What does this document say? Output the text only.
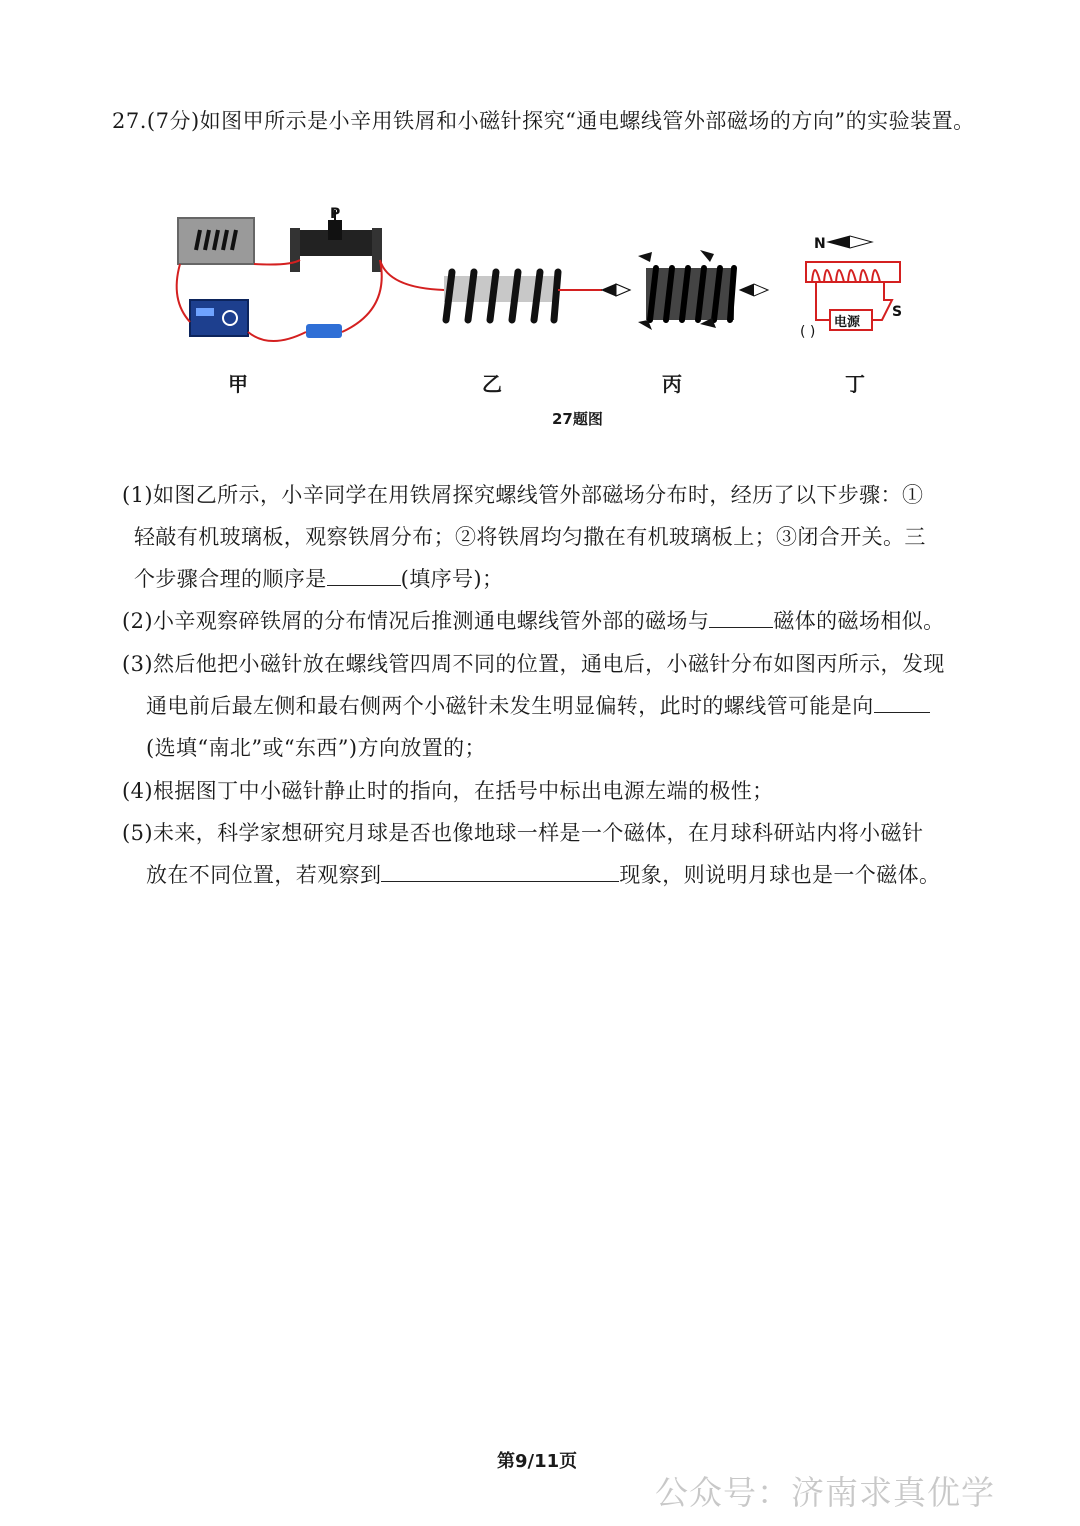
27.(7分)如图甲所示是小辛用铁屑和小磁针探究“通电螺线管外部磁场的方向”的实验装置。
P
N
电源
S
( )
甲	乙	丙	丁
27题图
(1)如图乙所示，小辛同学在用铁屑探究螺线管外部磁场分布时，经历了以下步骤：①
轻敲有机玻璃板，观察铁屑分布；②将铁屑均匀撒在有机玻璃板上；③闭合开关。三
个步骤合理的顺序是	(填序号)；
(2)小辛观察碎铁屑的分布情况后推测通电螺线管外部的磁场与	磁体的磁场相似。
(3)然后他把小磁针放在螺线管四周不同的位置，通电后，小磁针分布如图丙所示，发现
通电前后最左侧和最右侧两个小磁针未发生明显偏转，此时的螺线管可能是向
(选填“南北”或“东西”)方向放置的；
(4)根据图丁中小磁针静止时的指向，在括号中标出电源左端的极性；
(5)未来，科学家想研究月球是否也像地球一样是一个磁体，在月球科研站内将小磁针
放在不同位置，若观察到	现象，则说明月球也是一个磁体。
第9/11页
公众号：济南求真优学
